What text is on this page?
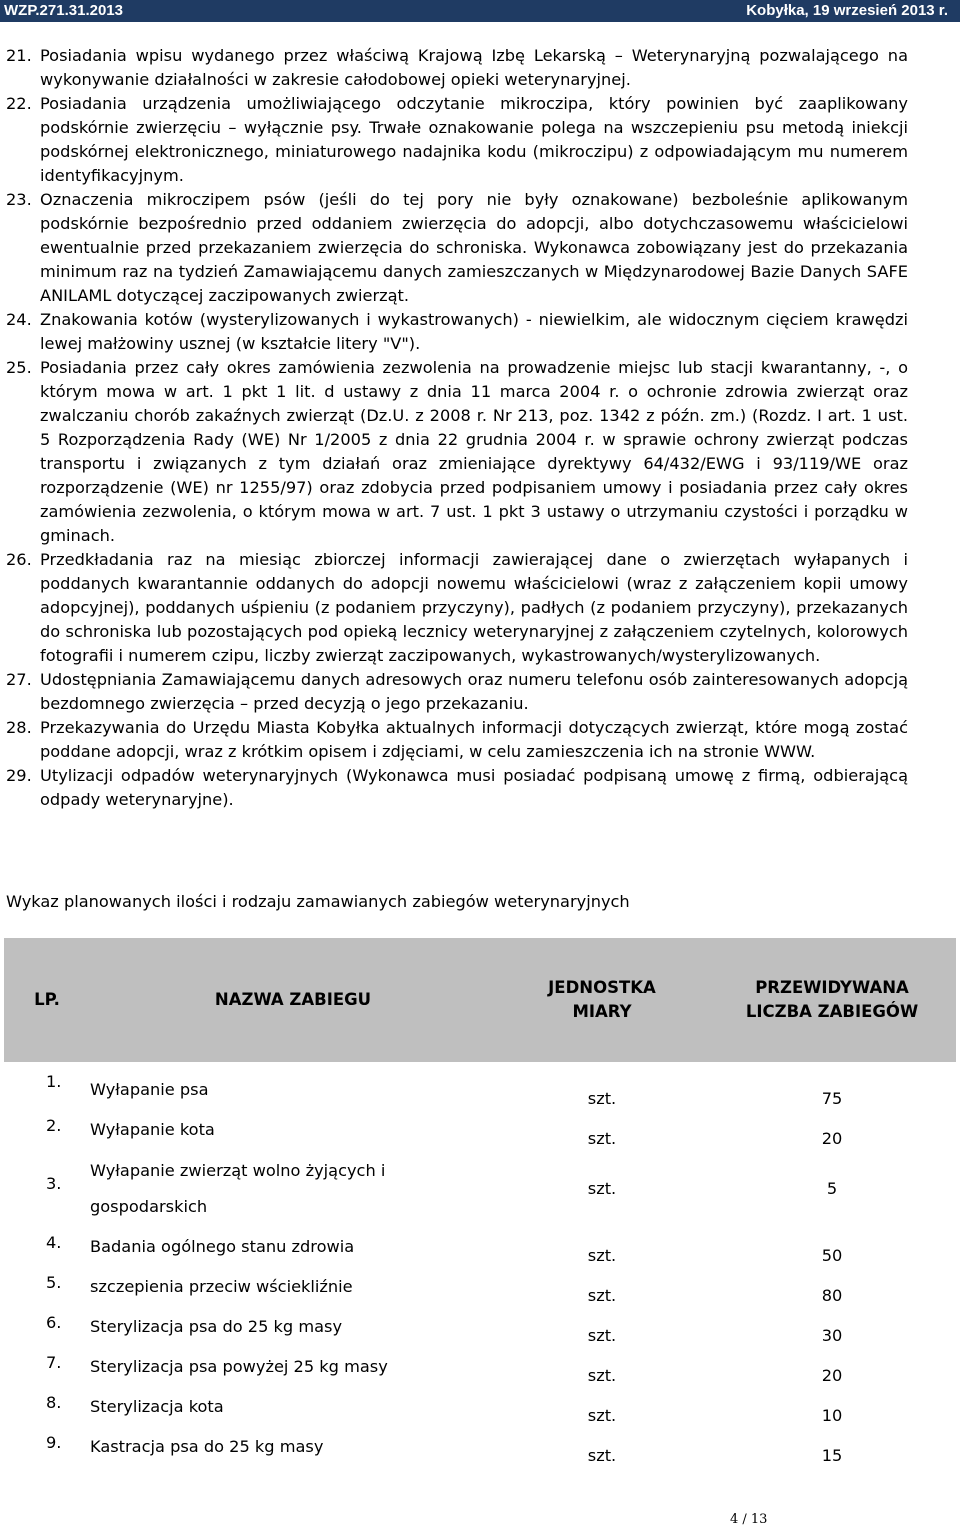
WZP.271.31.2013	Kobyłka, 19 wrzesień 2013 r.
21. Posiadania wpisu wydanego przez właściwą Krajową Izbę Lekarską – Weterynaryjną pozwalającego na wykonywanie działalności w zakresie całodobowej opieki weterynaryjnej.
22. Posiadania urządzenia umożliwiającego odczytanie mikroczipa, który powinien być zaaplikowany podskórnie zwierzęciu – wyłącznie psy. Trwałe oznakowanie polega na wszczepieniu psu metodą iniekcji podskórnej elektronicznego, miniaturowego nadajnika kodu (mikroczipu) z odpowiadającym mu numerem identyfikacyjnym.
23. Oznaczenia mikroczipem psów (jeśli do tej pory nie były oznakowane) bezboleśnie aplikowanym podskórnie bezpośrednio przed oddaniem zwierzęcia do adopcji, albo dotychczasowemu właścicielowi ewentualnie przed przekazaniem zwierzęcia do schroniska. Wykonawca zobowiązany jest do przekazania minimum raz na tydzień Zamawiającemu danych zamieszczanych w Międzynarodowej Bazie Danych SAFE ANILAML dotyczącej zaczipowanych zwierząt.
24. Znakowania kotów (wysterylizowanych i wykastrowanych) - niewielkim, ale widocznym cięciem krawędzi lewej małżowiny usznej (w kształcie litery "V").
25. Posiadania przez cały okres zamówienia zezwolenia na prowadzenie miejsc lub stacji kwarantanny, -, o którym mowa w art. 1 pkt 1 lit. d ustawy z dnia 11 marca 2004 r. o ochronie zdrowia zwierząt oraz zwalczaniu chorób zakaźnych zwierząt (Dz.U. z 2008 r. Nr 213, poz. 1342 z późn. zm.) (Rozdz. I art. 1 ust. 5 Rozporządzenia Rady (WE) Nr 1/2005 z dnia 22 grudnia 2004 r. w sprawie ochrony zwierząt podczas transportu i związanych z tym działań oraz zmieniające dyrektywy 64/432/EWG i 93/119/WE oraz rozporządzenie (WE) nr 1255/97) oraz zdobycia przed podpisaniem umowy i posiadania przez cały okres zamówienia zezwolenia, o którym mowa w art. 7 ust. 1 pkt 3 ustawy o utrzymaniu czystości i porządku w gminach.
26. Przedkładania raz na miesiąc zbiorczej informacji zawierającej dane o zwierzętach wyłapanych i poddanych kwarantannie oddanych do adopcji nowemu właścicielowi (wraz z załączeniem kopii umowy adopcyjnej), poddanych uśpieniu (z podaniem przyczyny), padłych (z podaniem przyczyny), przekazanych do schroniska lub pozostających pod opieką lecznicy weterynaryjnej z załączeniem czytelnych, kolorowych fotografii i numerem czipu, liczby zwierząt zaczipowanych, wykastrowanych/wysterylizowanych.
27. Udostępniania Zamawiającemu danych adresowych oraz numeru telefonu osób zainteresowanych adopcją bezdomnego zwierzęcia – przed decyzją o jego przekazaniu.
28. Przekazywania do Urzędu Miasta Kobyłka aktualnych informacji dotyczących zwierząt, które mogą zostać poddane adopcji, wraz z krótkim opisem i zdjęciami, w celu zamieszczenia ich na stronie WWW.
29. Utylizacji odpadów weterynaryjnych (Wykonawca musi posiadać podpisaną umowę z firmą, odbierającą odpady weterynaryjne).
Wykaz planowanych ilości i rodzaju zamawianych zabiegów weterynaryjnych
LP.	NAZWA ZABIEGU	JEDNOSTKA MIARY	PRZEWIDYWANA LICZBA ZABIEGÓW
1.	Wyłapanie psa	szt.	75
2.	Wyłapanie kota	szt.	20
3.	Wyłapanie zwierząt wolno żyjących i gospodarskich	szt.	5
4.	Badania ogólnego stanu zdrowia	szt.	50
5.	szczepienia przeciw wściekliźnie	szt.	80
6.	Sterylizacja psa do 25 kg masy	szt.	30
7.	Sterylizacja psa powyżej 25 kg masy	szt.	20
8.	Sterylizacja kota	szt.	10
9.	Kastracja psa do 25 kg masy	szt.	15
4 / 13
